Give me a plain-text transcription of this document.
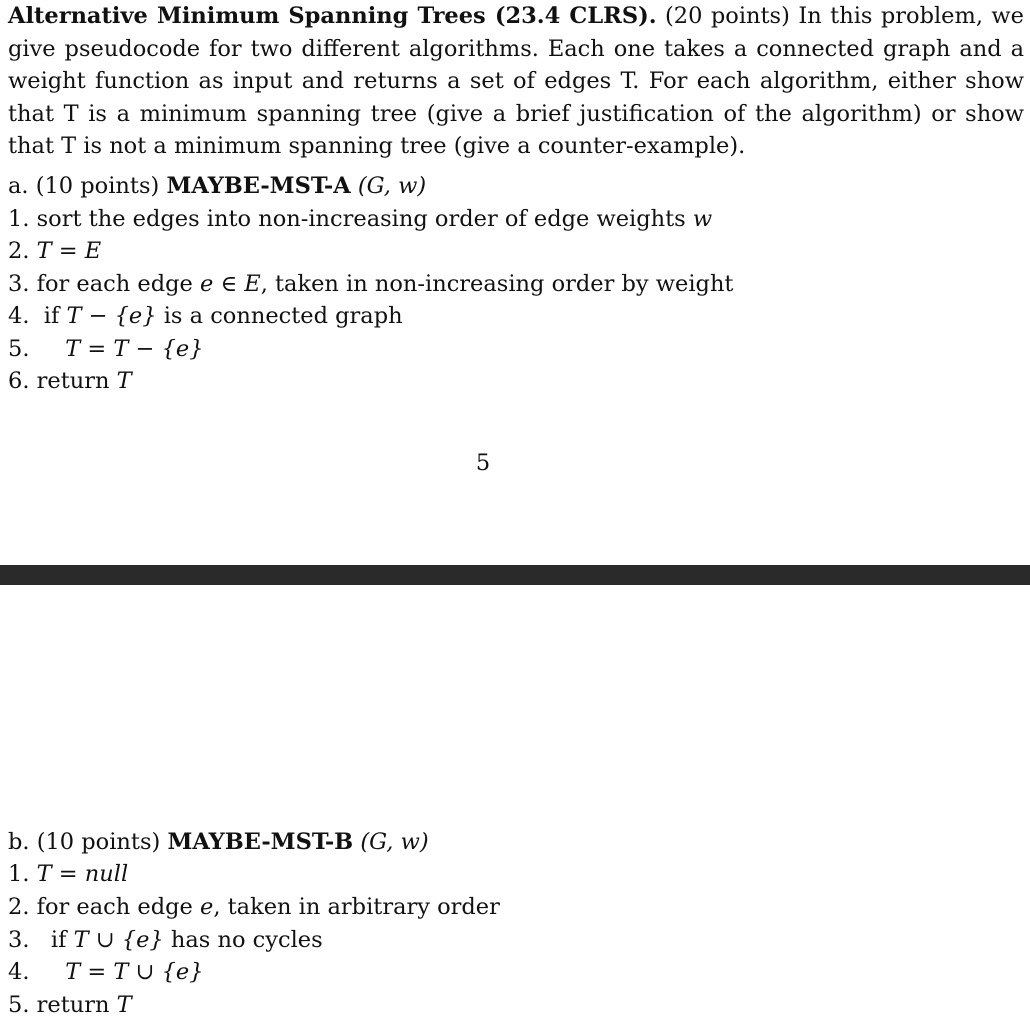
Alternative Minimum Spanning Trees (23.4 CLRS). (20 points) In this problem, we give pseudocode for two different algorithms. Each one takes a connected graph and a weight function as input and returns a set of edges T. For each algorithm, either show that T is a minimum spanning tree (give a brief justification of the algorithm) or show that T is not a minimum spanning tree (give a counter-example).

a. (10 points) MAYBE-MST-A (G, w)
1. sort the edges into non-increasing order of edge weights w
2. T = E
3. for each edge e ∈ E, taken in non-increasing order by weight
4.  if T − {e} is a connected graph
5. T = T − {e}
6. return T
5
b. (10 points) MAYBE-MST-B (G, w)
1. T = null
2. for each edge e, taken in arbitrary order
3.   if T ∪ {e} has no cycles
4. T = T ∪ {e}
5. return T
